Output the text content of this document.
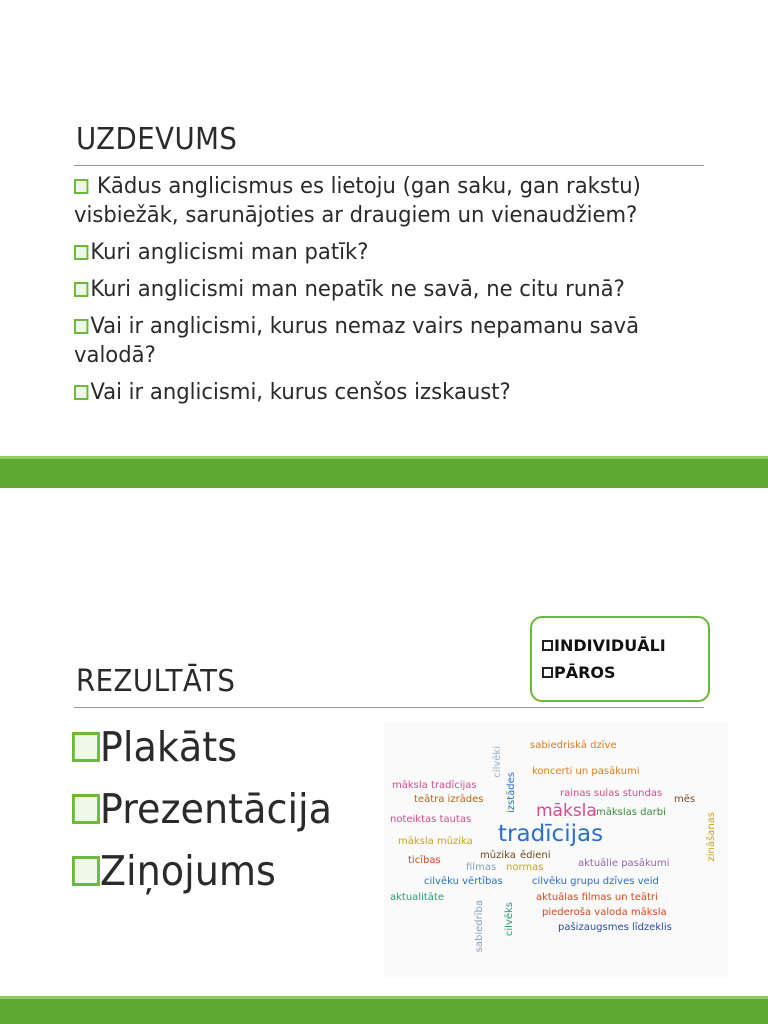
UZDEVUMS
Kādus anglicismus es lietoju (gan saku, gan rakstu) visbiežāk, sarunājoties ar draugiem un vienaudžiem?
Kuri anglicismi man patīk?
Kuri anglicismi man nepatīk ne savā, ne citu runā?
Vai ir anglicismi, kurus nemaz vairs nepamanu savā valodā?
Vai ir anglicismi, kurus cenšos izskaust?
REZULTĀTS
Plakāts
Prezentācija
Ziņojums
INDIVIDUĀLI
PĀROS
sabiedriskā dzīve
koncerti un pasākumi
māksla tradīcijas
teātra izrādes
māksla mākslas darbi
mēs
rainas sulas stundas
noteiktas tautas
tradīcijas
māksla mūzika
ticības	mūzika ēdieni
filmas normas	aktuālie pasākumi
cilvēku vērtības	cilvēku grupu dzīves veid
aktualitāte	aktuālas filmas un teātri
piederoša valoda māksla
pašizaugsmes līdzeklis
cilvēki
izstādes
zināšanas
sabiedrība cilvēks
